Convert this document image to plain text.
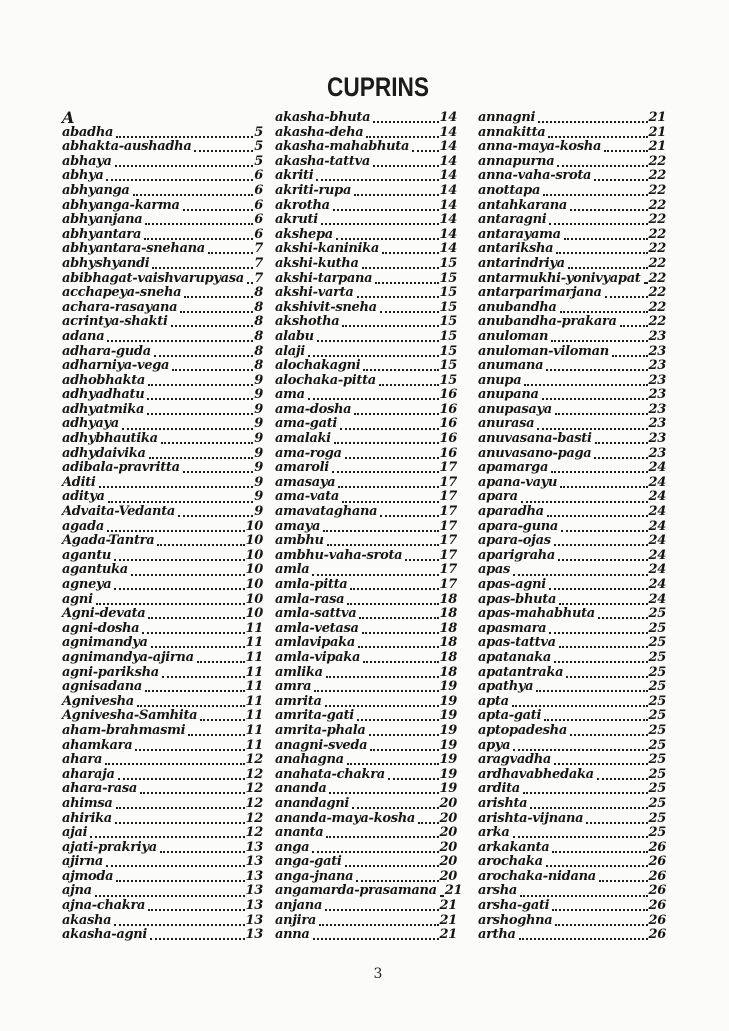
CUPRINS
A
abadha	5
abhakta-aushadha	5
abhaya	5
abhya	6
abhyanga	6
abhyanga-karma	6
abhyanjana	6
abhyantara	6
abhyantara-snehana	7
abhyshyandi	7
abibhagat-vaishvarupyasa 7
acchapeya-sneha	8
achara-rasayana	8
acrintya-shakti	8
adana	8
adhara-guda	8
adharniya-vega	8
adhobhakta	9
adhyadhatu	9
adhyatmika	9
adhyaya	9
adhybhautika	9
adhydaivika	9
adibala-pravritta	9
Aditi	9
aditya	9
Advaita-Vedanta	9
agada	10
Agada-Tantra	10
agantu	10
agantuka	10
agneya	10
agni	10
Agni-devata	10
agni-dosha	11
agnimandya	11
agnimandya-ajirna	11
agni-pariksha	11
agnisadana	11
Agnivesha	11
Agnivesha-Samhita	11
aham-brahmasmi	11
ahamkara	11
ahara	12
aharaja	12
ahara-rasa	12
ahimsa	12
ahirika	12
ajai	12
ajati-prakriya	13
ajirna	13
ajmoda	13
ajna	13
ajna-chakra	13
akasha	13
akasha-agni	13
akasha-bhuta	14
akasha-deha	14
akasha-mahabhuta 14
akasha-tattva	14
akriti	14
akriti-rupa	14
akrotha	14
akruti	14
akshepa	14
akshi-kaninika	14
akshi-kutha	15
akshi-tarpana	15
akshi-varta	15
akshivit-sneha	15
akshotha	15
alabu	15
alaji	15
alochakagni	15
alochaka-pitta	15
ama	16
ama-dosha	16
ama-gati	16
amalaki	16
ama-roga	16
amaroli	17
amasaya	17
ama-vata	17
amavataghana	17
amaya	17
ambhu	17
ambhu-vaha-srota	17
amla	17
amla-pitta	17
amla-rasa	18
amla-sattva	18
amla-vetasa	18
amlavipaka	18
amla-vipaka	18
amlika	18
amra	19
amrita	19
amrita-gati	19
amrita-phala	19
anagni-sveda	19
anahagna	19
anahata-chakra	19
ananda	19
anandagni	20
ananda-maya-kosha 20
ananta	20
anga	20
anga-gati	20
anga-jnana	20
angamarda-prasamana 21
anjana	21
anjira	21
anna	21
annagni	21
annakitta	21
anna-maya-kosha	21
annapurna	22
anna-vaha-srota	22
anottapa	22
antahkarana	22
antaragni	22
antarayama	22
antariksha	22
antarindriya	22
antarmukhi-yonivyapat 22
antarparimarjana	22
anubandha	22
anubandha-prakara 22
anuloman	23
anuloman-viloman	23
anumana	23
anupa	23
anupana	23
anupasaya	23
anurasa	23
anuvasana-basti	23
anuvasano-paga	23
apamarga	24
apana-vayu	24
apara	24
aparadha	24
apara-guna	24
apara-ojas	24
aparigraha	24
apas	24
apas-agni	24
apas-bhuta	24
apas-mahabhuta	25
apasmara	25
apas-tattva	25
apatanaka	25
apatantraka	25
apathya	25
apta	25
apta-gati	25
aptopadesha	25
apya	25
aragvadha	25
ardhavabhedaka	25
ardita	25
arishta	25
arishta-vijnana	25
arka	25
arkakanta	26
arochaka	26
arochaka-nidana	26
arsha	26
arsha-gati	26
arshoghna	26
artha	26
3
